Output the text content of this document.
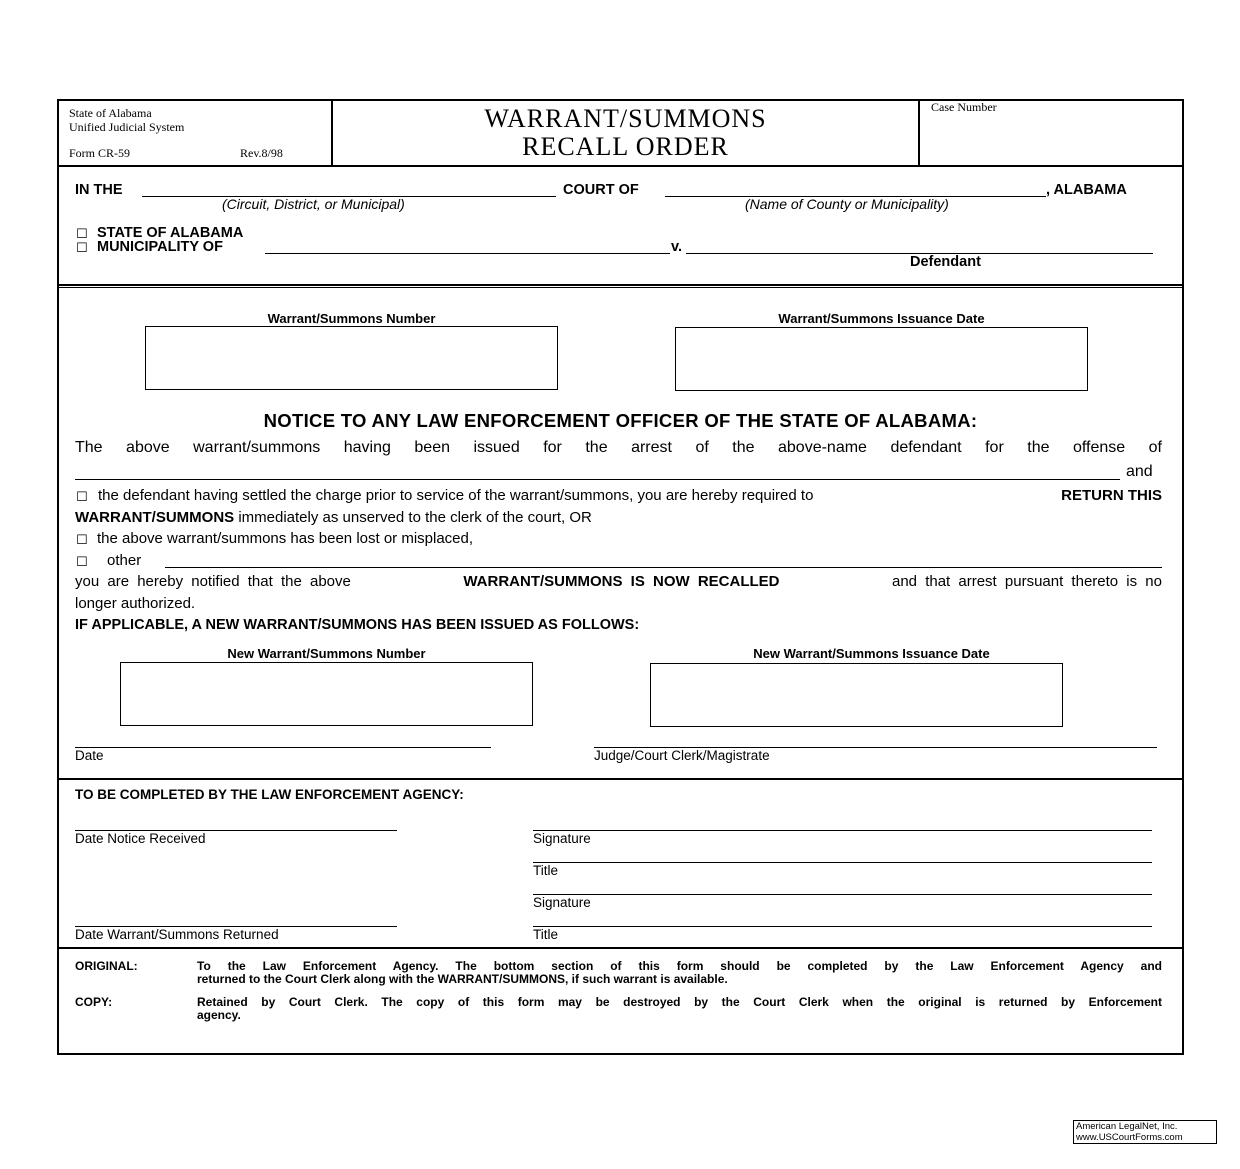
State of Alabama
Unified Judicial System
Form CR-59	Rev.8/98
WARRANT/SUMMONS
RECALL ORDER
Case Number
IN THE	COURT OF	, ALABAMA
(Circuit, District, or Municipal)	(Name of County or Municipality)
☐ STATE OF ALABAMA
☐ MUNICIPALITY OF	v.
Defendant
Warrant/Summons Number	Warrant/Summons Issuance Date
NOTICE TO ANY LAW ENFORCEMENT OFFICER OF THE STATE OF ALABAMA:
The above warrant/summons having been issued for the arrest of the above-name defendant for the offense of
and
☐ the defendant having settled the charge prior to service of the warrant/summons, you are hereby required to	RETURN THIS
WARRANT/SUMMONS immediately as unserved to the clerk of the court, OR
☐ the above warrant/summons has been lost or misplaced,
☐ other
you are hereby notified that the above	WARRANT/SUMMONS IS NOW RECALLED	and that arrest pursuant thereto is no
longer authorized.
IF APPLICABLE, A NEW WARRANT/SUMMONS HAS BEEN ISSUED AS FOLLOWS:
New Warrant/Summons Number	New Warrant/Summons Issuance Date
Date	Judge/Court Clerk/Magistrate
TO BE COMPLETED BY THE LAW ENFORCEMENT AGENCY:
Date Notice Received	Signature
Title
Signature
Date Warrant/Summons Returned	Title
ORIGINAL:	To the Law Enforcement Agency. The bottom section of this form should be completed by the Law Enforcement Agency and
returned to the Court Clerk along with the WARRANT/SUMMONS, if such warrant is available.
COPY:	Retained by Court Clerk. The copy of this form may be destroyed by the Court Clerk when the original is returned by Enforcement
agency.
American LegalNet, Inc.
www.USCourtForms.com
